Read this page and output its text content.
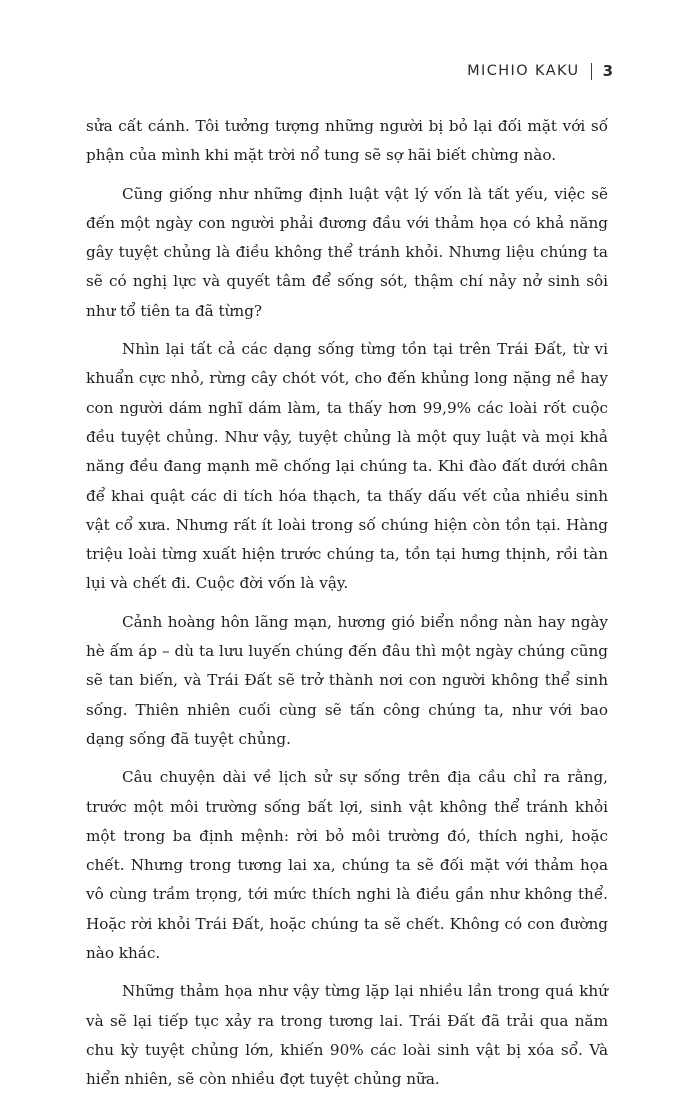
MICHIO KAKU 3

sửa cất cánh. Tôi tưởng tượng những người bị bỏ lại đối mặt với số phận của mình khi mặt trời nổ tung sẽ sợ hãi biết chừng nào.

Cũng giống như những định luật vật lý vốn là tất yếu, việc sẽ đến một ngày con người phải đương đầu với thảm họa có khả năng gây tuyệt chủng là điều không thể tránh khỏi. Nhưng liệu chúng ta sẽ có nghị lực và quyết tâm để sống sót, thậm chí nảy nở sinh sôi như tổ tiên ta đã từng?

Nhìn lại tất cả các dạng sống từng tồn tại trên Trái Đất, từ vi khuẩn cực nhỏ, rừng cây chót vót, cho đến khủng long nặng nề hay con người dám nghĩ dám làm, ta thấy hơn 99,9% các loài rốt cuộc đều tuyệt chủng. Như vậy, tuyệt chủng là một quy luật và mọi khả năng đều đang mạnh mẽ chống lại chúng ta. Khi đào đất dưới chân để khai quật các di tích hóa thạch, ta thấy dấu vết của nhiều sinh vật cổ xưa. Nhưng rất ít loài trong số chúng hiện còn tồn tại. Hàng triệu loài từng xuất hiện trước chúng ta, tồn tại hưng thịnh, rồi tàn lụi và chết đi. Cuộc đời vốn là vậy.

Cảnh hoàng hôn lãng mạn, hương gió biển nồng nàn hay ngày hè ấm áp – dù ta lưu luyến chúng đến đâu thì một ngày chúng cũng sẽ tan biến, và Trái Đất sẽ trở thành nơi con người không thể sinh sống. Thiên nhiên cuối cùng sẽ tấn công chúng ta, như với bao dạng sống đã tuyệt chủng.

Câu chuyện dài về lịch sử sự sống trên địa cầu chỉ ra rằng, trước một môi trường sống bất lợi, sinh vật không thể tránh khỏi một trong ba định mệnh: rời bỏ môi trường đó, thích nghi, hoặc chết. Nhưng trong tương lai xa, chúng ta sẽ đối mặt với thảm họa vô cùng trầm trọng, tới mức thích nghi là điều gần như không thể. Hoặc rời khỏi Trái Đất, hoặc chúng ta sẽ chết. Không có con đường nào khác.

Những thảm họa như vậy từng lặp lại nhiều lần trong quá khứ và sẽ lại tiếp tục xảy ra trong tương lai. Trái Đất đã trải qua năm chu kỳ tuyệt chủng lớn, khiến 90% các loài sinh vật bị xóa sổ. Và hiển nhiên, sẽ còn nhiều đợt tuyệt chủng nữa.
